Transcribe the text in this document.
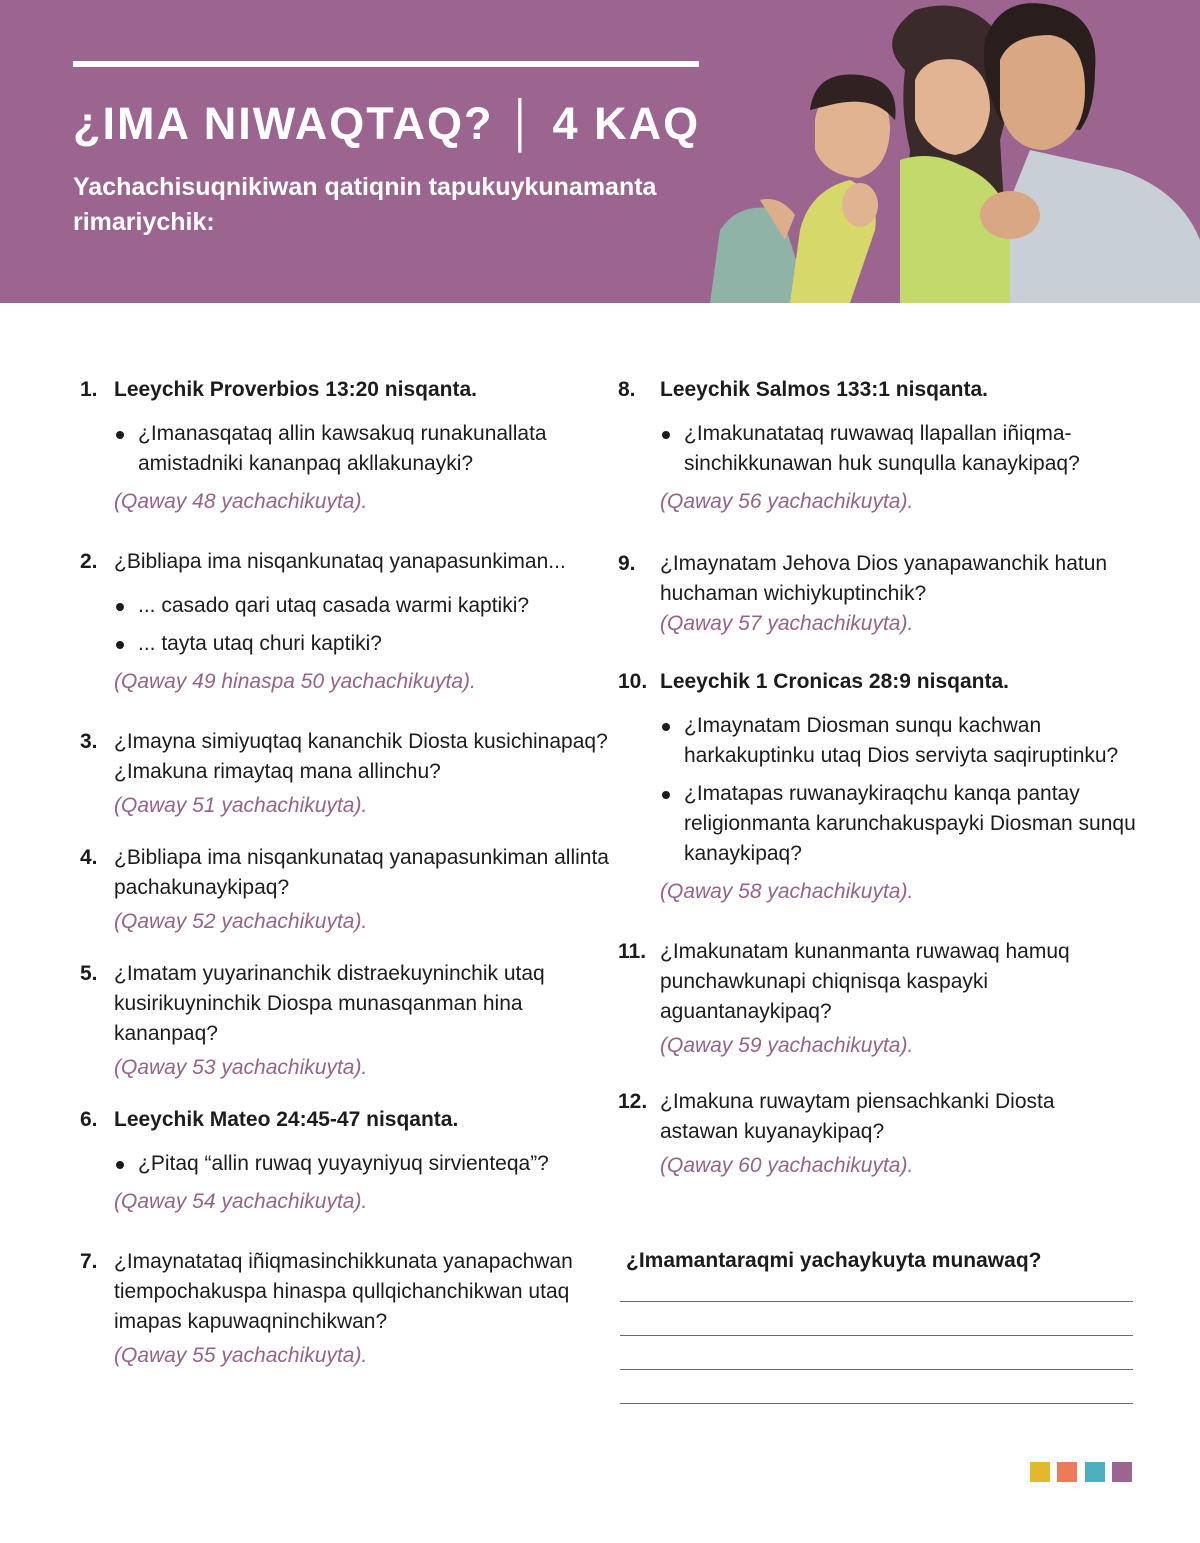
¿IMA NIWAQTAQ? │ 4 KAQ
Yachachisuqnikiwan qatiqnin tapukuykunamanta rimariychik:
1. Leeychik Proverbios 13:20 nisqanta.
¿Imanasqataq allin kawsakuq runakunallata amistadniki kananpaq akllakunayki?
(Qaway 48 yachachikuyta).
2. ¿Bibliapa ima nisqankunataq yanapasunkiman...
... casado qari utaq casada warmi kaptiki?
... tayta utaq churi kaptiki?
(Qaway 49 hinaspa 50 yachachikuyta).
3. ¿Imayna simiyuqtaq kananchik Diosta kusichinapaq? ¿Imakuna rimaytaq mana allinchu?
(Qaway 51 yachachikuyta).
4. ¿Bibliapa ima nisqankunataq yanapasunkiman allinta pachakunaykipaq?
(Qaway 52 yachachikuyta).
5. ¿Imatam yuyarinanchik distraekuyninchik utaq kusirikuyninchik Diospa munasqanman hina kananpaq?
(Qaway 53 yachachikuyta).
6. Leeychik Mateo 24:45-47 nisqanta.
¿Pitaq “allin ruwaq yuyayniyuq sirvienteqa”?
(Qaway 54 yachachikuyta).
7. ¿Imaynatataq iñiqmasinchikkunata yanapachwan tiempochakuspa hinaspa qullqichanchikwan utaq imapas kapuwaqninchikwan?
(Qaway 55 yachachikuyta).
8. Leeychik Salmos 133:1 nisqanta.
¿Imakunatataq ruwawaq llapallan iñiqmasinchikkunawan huk sunqulla kanaykipaq?
(Qaway 56 yachachikuyta).
9. ¿Imaynatam Jehova Dios yanapawanchik hatun huchaman wichiykuptinchik?
(Qaway 57 yachachikuyta).
10. Leeychik 1 Cronicas 28:9 nisqanta.
¿Imaynatam Diosman sunqu kachwan harkakuptinku utaq Dios serviyta saqiruptinku?
¿Imatapas ruwanaykiraqchu kanqa pantay religionmanta karunchakuspayki Diosman sunqu kanaykipaq?
(Qaway 58 yachachikuyta).
11. ¿Imakunatam kunanmanta ruwawaq hamuq punchawkunapi chiqnisqa kaspayki aguantanaykipaq?
(Qaway 59 yachachikuyta).
12. ¿Imakuna ruwaytam piensachkanki Diosta astawan kuyanaykipaq?
(Qaway 60 yachachikuyta).
¿Imamantaraqmi yachaykuyta munawaq?
